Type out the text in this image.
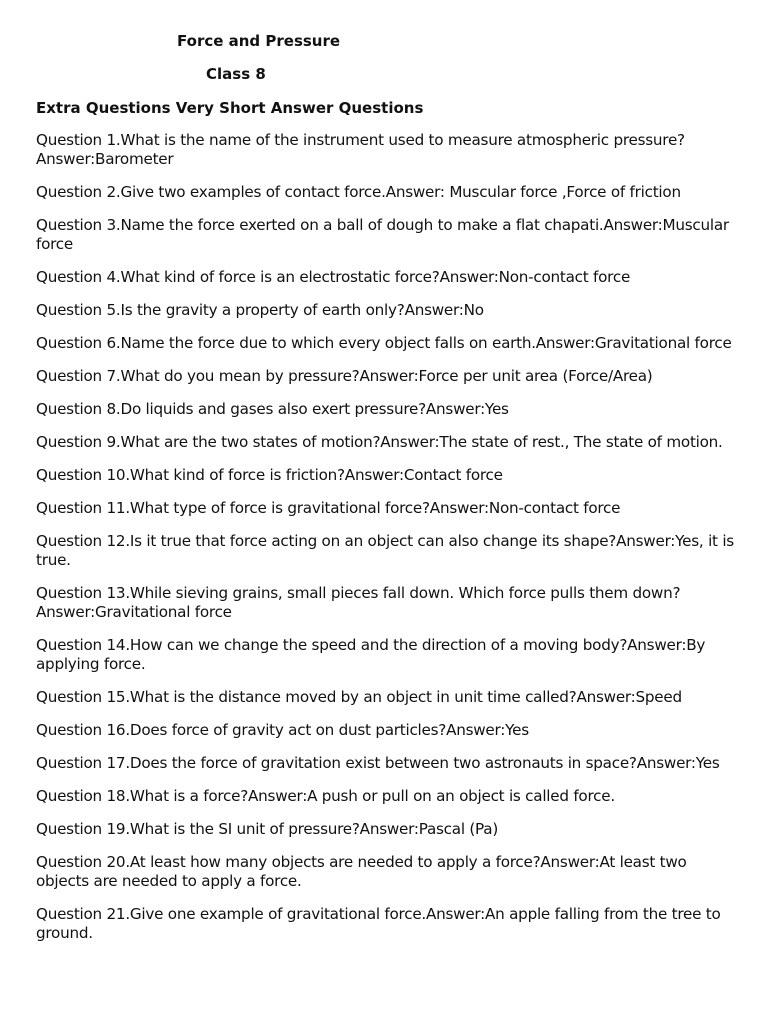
Force and Pressure
Class 8
Extra Questions Very Short Answer Questions
Question 1.What is the name of the instrument used to measure atmospheric pressure? Answer:Barometer
Question 2.Give two examples of contact force.Answer: Muscular force ,Force of friction
Question 3.Name the force exerted on a ball of dough to make a flat chapati.Answer:Muscular force
Question 4.What kind of force is an electrostatic force?Answer:Non-contact force
Question 5.Is the gravity a property of earth only?Answer:No
Question 6.Name the force due to which every object falls on earth.Answer:Gravitational force
Question 7.What do you mean by pressure?Answer:Force per unit area (Force/Area)
Question 8.Do liquids and gases also exert pressure?Answer:Yes
Question 9.What are the two states of motion?Answer:The state of rest., The state of motion.
Question 10.What kind of force is friction?Answer:Contact force
Question 11.What type of force is gravitational force?Answer:Non-contact force
Question 12.Is it true that force acting on an object can also change its shape?Answer:Yes, it is true.
Question 13.While sieving grains, small pieces fall down. Which force pulls them down? Answer:Gravitational force
Question 14.How can we change the speed and the direction of a moving body?Answer:By applying force.
Question 15.What is the distance moved by an object in unit time called?Answer:Speed
Question 16.Does force of gravity act on dust particles?Answer:Yes
Question 17.Does the force of gravitation exist between two astronauts in space?Answer:Yes
Question 18.What is a force?Answer:A push or pull on an object is called force.
Question 19.What is the SI unit of pressure?Answer:Pascal (Pa)
Question 20.At least how many objects are needed to apply a force?Answer:At least two objects are needed to apply a force.
Question 21.Give one example of gravitational force.Answer:An apple falling from the tree to ground.
